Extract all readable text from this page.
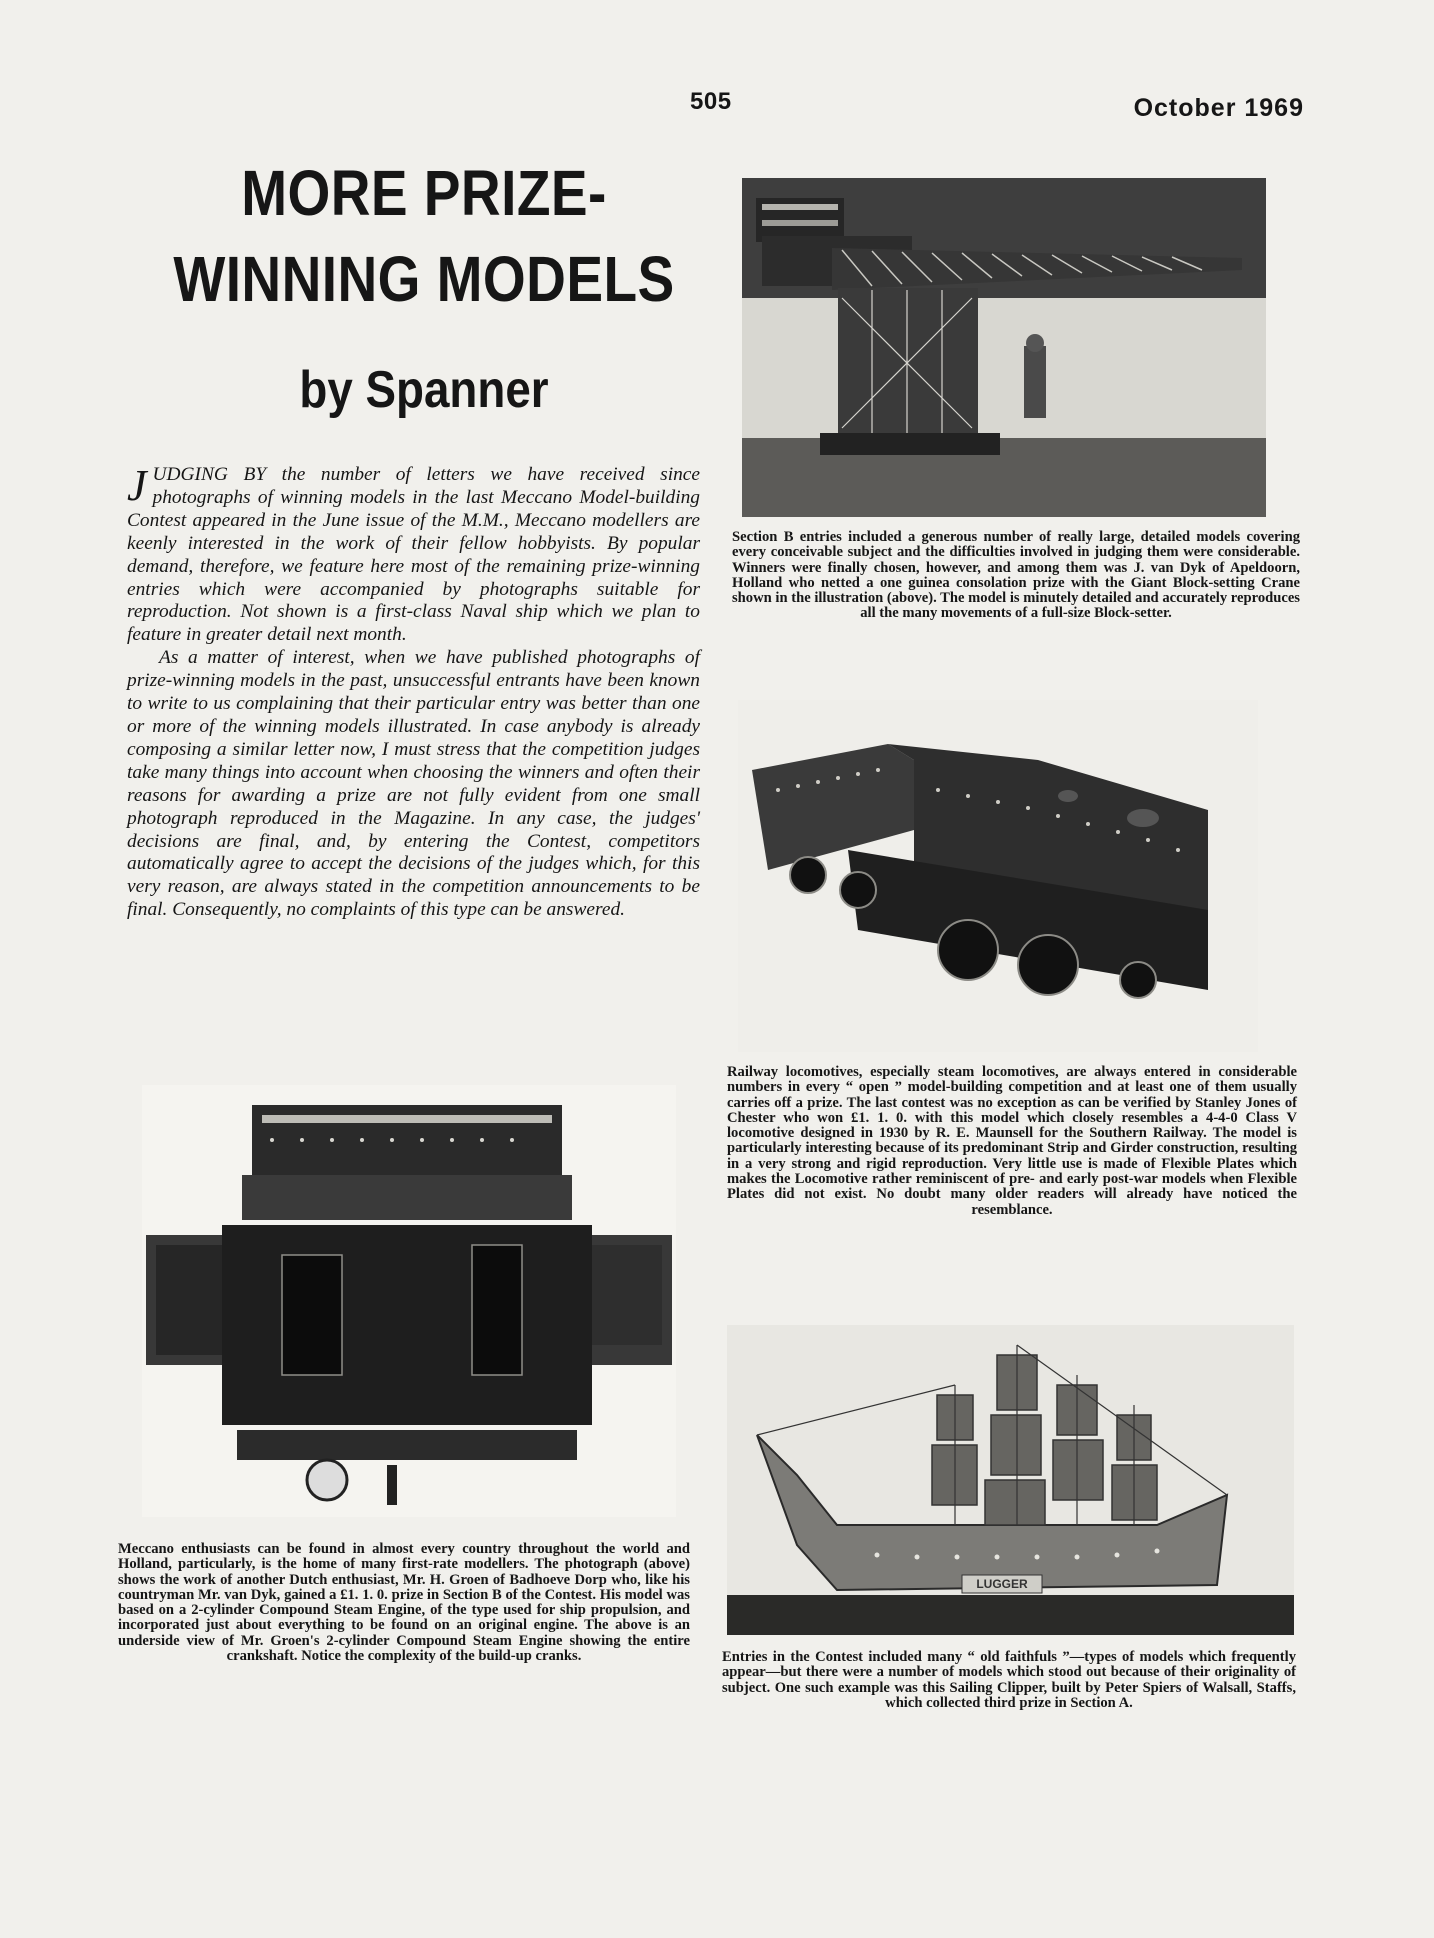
505	October 1969
MORE PRIZE-WINNING MODELS
by Spanner

JUDGING BY the number of letters we have received since photographs of winning models in the last Meccano Model-building Contest appeared in the June issue of the M.M., Meccano modellers are keenly interested in the work of their fellow hobbyists. By popular demand, therefore, we feature here most of the remaining prize-winning entries which were accompanied by photographs suitable for reproduction. Not shown is a first-class Naval ship which we plan to feature in greater detail next month.

As a matter of interest, when we have published photographs of prize-winning models in the past, unsuccessful entrants have been known to write to us complaining that their particular entry was better than one or more of the winning models illustrated. In case anybody is already composing a similar letter now, I must stress that the competition judges take many things into account when choosing the winners and often their reasons for awarding a prize are not fully evident from one small photograph reproduced in the Magazine. In any case, the judges' decisions are final, and, by entering the Contest, competitors automatically agree to accept the decisions of the judges which, for this very reason, are always stated in the competition announcements to be final. Consequently, no complaints of this type can be answered.

Section B entries included a generous number of really large, detailed models covering every conceivable subject and the difficulties involved in judging them were considerable. Winners were finally chosen, however, and among them was J. van Dyk of Apeldoorn, Holland who netted a one guinea consolation prize with the Giant Block-setting Crane shown in the illustration (above). The model is minutely detailed and accurately reproduces all the many movements of a full-size Block-setter.
Railway locomotives, especially steam locomotives, are always entered in considerable numbers in every “ open ” model-building competition and at least one of them usually carries off a prize. The last contest was no exception as can be verified by Stanley Jones of Chester who won £1. 1. 0. with this model which closely resembles a 4-4-0 Class V locomotive designed in 1930 by R. E. Maunsell for the Southern Railway. The model is particularly interesting because of its predominant Strip and Girder construction, resulting in a very strong and rigid reproduction. Very little use is made of Flexible Plates which makes the Locomotive rather reminiscent of pre- and early post-war models when Flexible Plates did not exist. No doubt many older readers will already have noticed the resemblance.
Meccano enthusiasts can be found in almost every country throughout the world and Holland, particularly, is the home of many first-rate modellers. The photograph (above) shows the work of another Dutch enthusiast, Mr. H. Groen of Badhoeve Dorp who, like his countryman Mr. van Dyk, gained a £1. 1. 0. prize in Section B of the Contest. His model was based on a 2-cylinder Compound Steam Engine, of the type used for ship propulsion, and incorporated just about everything to be found on an original engine. The above is an underside view of Mr. Groen's 2-cylinder Compound Steam Engine showing the entire crankshaft. Notice the complexity of the build-up cranks.
LUGGER
Entries in the Contest included many “ old faithfuls ”—types of models which frequently appear—but there were a number of models which stood out because of their originality of subject. One such example was this Sailing Clipper, built by Peter Spiers of Walsall, Staffs, which collected third prize in Section A.
